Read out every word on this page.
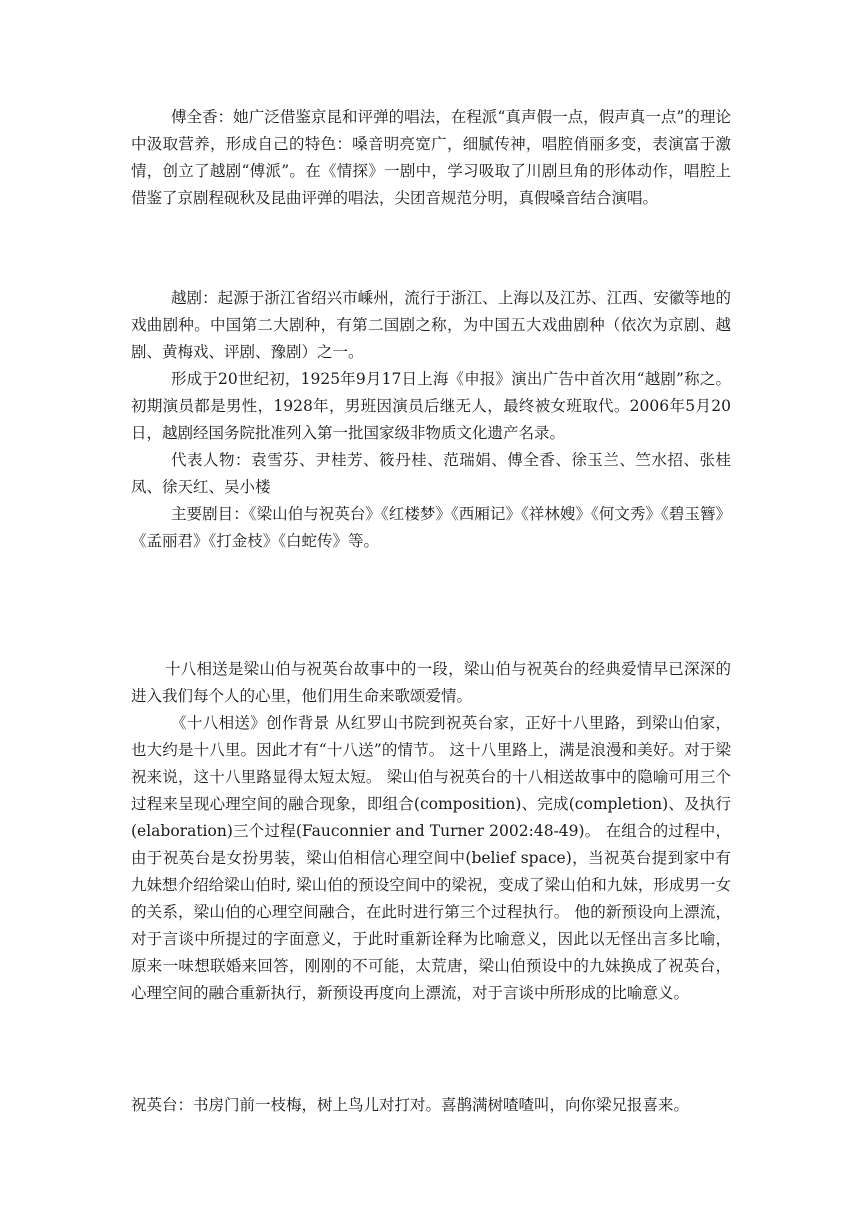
傅全香：她广泛借鉴京昆和评弹的唱法，在程派“真声假一点，假声真一点”的理论中汲取营养，形成自己的特色：嗓音明亮宽广，细腻传神，唱腔俏丽多变，表演富于激情，创立了越剧“傅派”。在《情探》一剧中，学习吸取了川剧旦角的形体动作，唱腔上借鉴了京剧程砚秋及昆曲评弹的唱法，尖团音规范分明，真假嗓音结合演唱。

越剧：起源于浙江省绍兴市嵊州，流行于浙江、上海以及江苏、江西、安徽等地的戏曲剧种。中国第二大剧种，有第二国剧之称，为中国五大戏曲剧种（依次为京剧、越剧、黄梅戏、评剧、豫剧）之一。

形成于20世纪初，1925年9月17日上海《申报》演出广告中首次用“越剧”称之。初期演员都是男性，1928年，男班因演员后继无人，最终被女班取代。2006年5月20日，越剧经国务院批准列入第一批国家级非物质文化遗产名录。

代表人物：袁雪芬、尹桂芳、筱丹桂、范瑞娟、傅全香、徐玉兰、竺水招、张桂凤、徐天红、吴小楼

主要剧目：《梁山伯与祝英台》《红楼梦》《西厢记》《祥林嫂》《何文秀》《碧玉簪》《孟丽君》《打金枝》《白蛇传》等。

十八相送是梁山伯与祝英台故事中的一段，梁山伯与祝英台的经典爱情早已深深的进入我们每个人的心里，他们用生命来歌颂爱情。

《十八相送》创作背景 从红罗山书院到祝英台家，正好十八里路，到梁山伯家，也大约是十八里。因此才有“十八送”的情节。 这十八里路上，满是浪漫和美好。对于梁祝来说，这十八里路显得太短太短。 梁山伯与祝英台的十八相送故事中的隐喻可用三个过程来呈现心理空间的融合现象，即组合(composition)、完成(completion)、及执行(elaboration)三个过程(Fauconnier and Turner 2002:48-49)。 在组合的过程中，由于祝英台是女扮男装，梁山伯相信心理空间中(belief space)，当祝英台提到家中有九妹想介绍给梁山伯时, 梁山伯的预设空间中的梁祝，变成了梁山伯和九妹，形成男一女的关系，梁山伯的心理空间融合，在此时进行第三个过程执行。 他的新预设向上漂流，对于言谈中所提过的字面意义，于此时重新诠释为比喻意义，因此以无怪出言多比喻，原来一味想联婚来回答，刚刚的不可能，太荒唐，梁山伯预设中的九妹换成了祝英台，心理空间的融合重新执行，新预设再度向上漂流，对于言谈中所形成的比喻意义。

祝英台：书房门前一枝梅，树上鸟儿对打对。喜鹊满树喳喳叫，向你梁兄报喜来。
